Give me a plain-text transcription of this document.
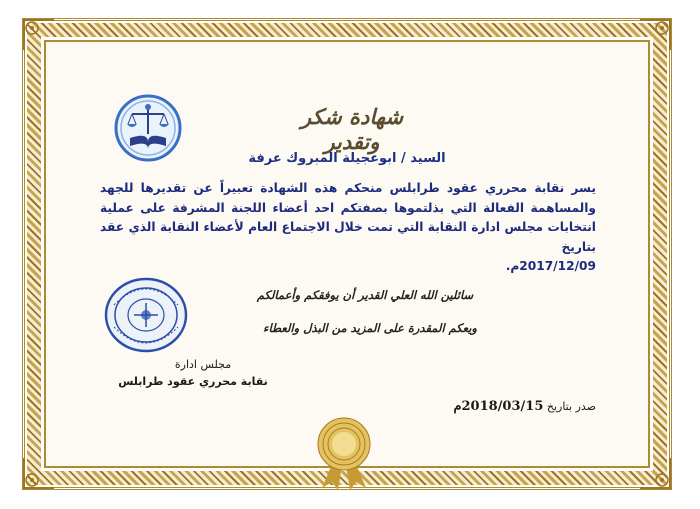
شهادة شكر وتقدير
السيد / ابوعجيلة المبروك عرفة
يسر نقابة محرري عقود طرابلس منحكم هذه الشهادة تعبيراً عن تقديرها للجهد والمساهمة الفعالة التي بذلتموها بصفتكم احد أعضاء اللجنة المشرفة على عملية انتخابات مجلس ادارة النقابة التي تمت خلال الاجتماع العام لأعضاء النقابة الذي عقد بتاريخ
2017/12/09م.
سائلين الله العلي القدير أن يوفقكم وأعمالكم
ويعكم المقدرة على المزيد من البذل والعطاء
مجلس ادارة
نقابة محرري عقود طرابلس
صدر بتاريخ 2018/03/15م
